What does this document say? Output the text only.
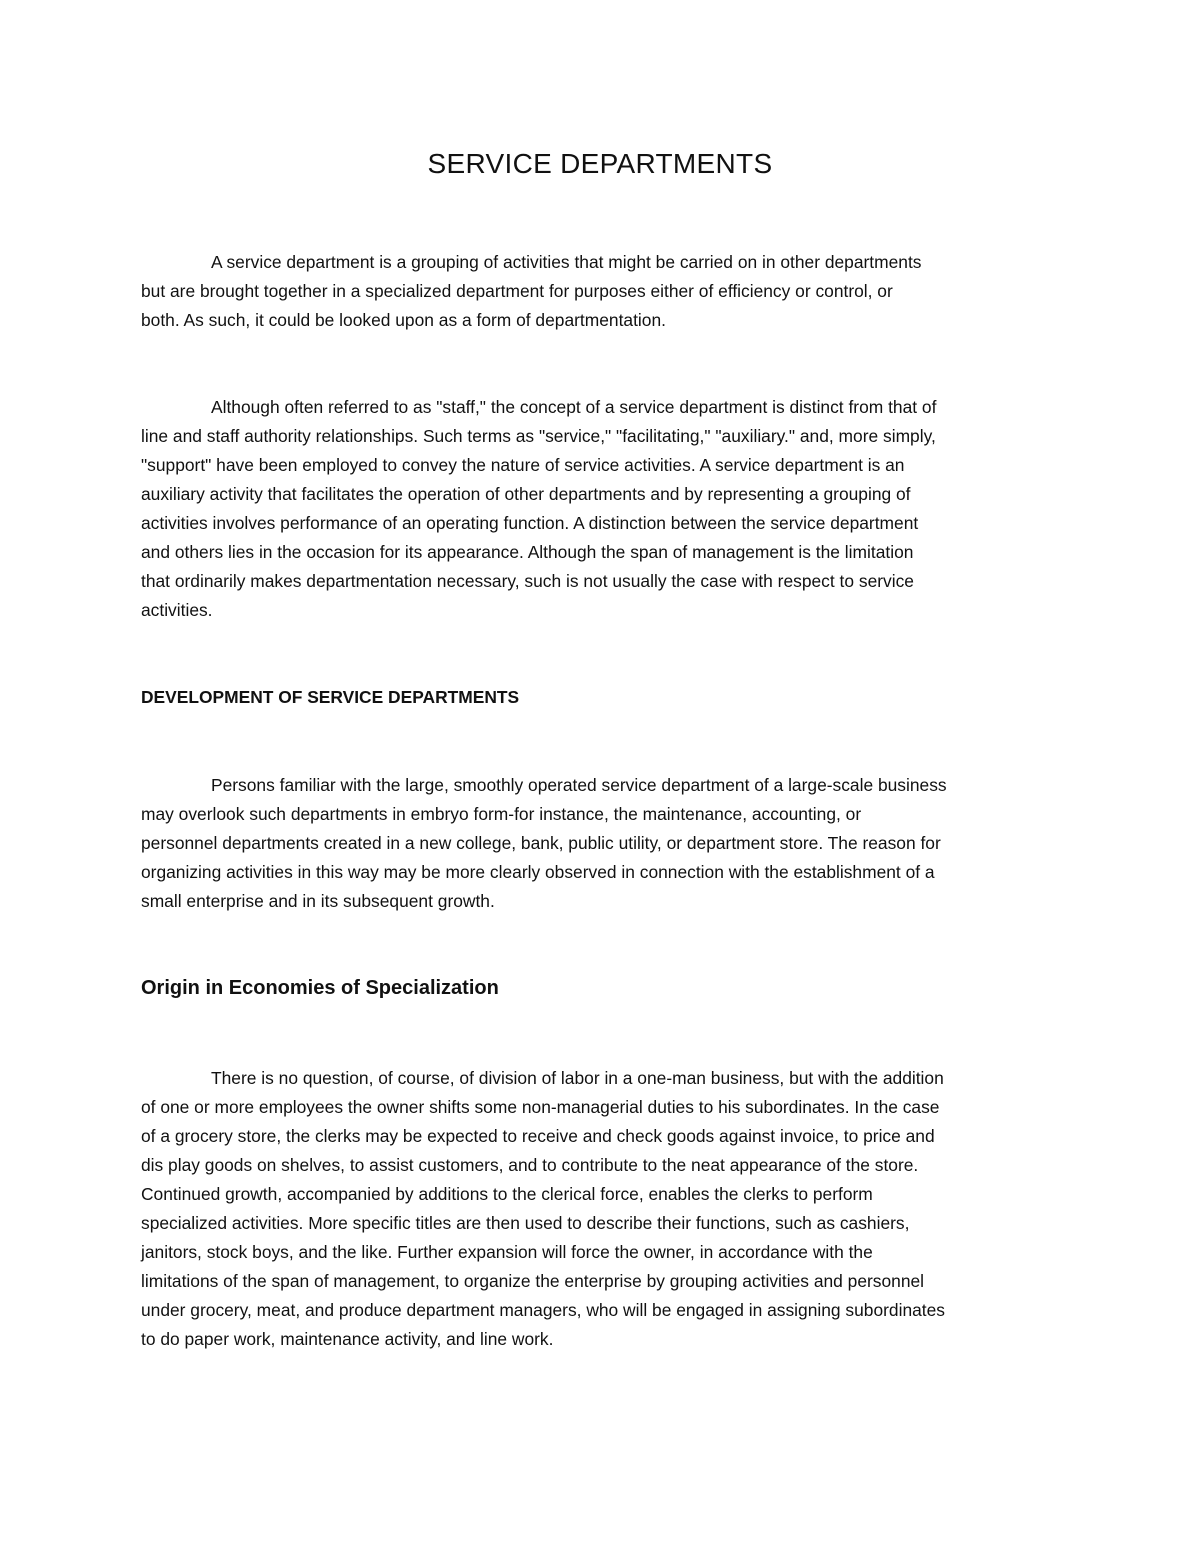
SERVICE DEPARTMENTS

A service department is a grouping of activities that might be carried on in other departments
but are brought together in a specialized department for purposes either of efficiency or control, or
both. As such, it could be looked upon as a form of departmentation.

Although often referred to as "staff," the concept of a service department is distinct from that of
line and staff authority relationships. Such terms as "service," "facilitating," "auxiliary." and, more simply,
"support" have been employed to convey the nature of service activities. A service department is an
auxiliary activity that facilitates the operation of other departments and by representing a grouping of
activities involves performance of an operating function. A distinction between the service department
and others lies in the occasion for its appearance. Although the span of management is the limitation
that ordinarily makes departmentation necessary, such is not usually the case with respect to service
activities.

DEVELOPMENT OF SERVICE DEPARTMENTS

Persons familiar with the large, smoothly operated service department of a large-scale business
may overlook such departments in embryo form-for instance, the maintenance, accounting, or
personnel departments created in a new college, bank, public utility, or department store. The reason for
organizing activities in this way may be more clearly observed in connection with the establishment of a
small enterprise and in its subsequent growth.

Origin in Economies of Specialization

There is no question, of course, of division of labor in a one-man business, but with the addition
of one or more employees the owner shifts some non-managerial duties to his subordinates. In the case
of a grocery store, the clerks may be expected to receive and check goods against invoice, to price and
dis play goods on shelves, to assist customers, and to contribute to the neat appearance of the store.
Continued growth, accompanied by additions to the clerical force, enables the clerks to perform
specialized activities. More specific titles are then used to describe their functions, such as cashiers,
janitors, stock boys, and the like. Further expansion will force the owner, in accordance with the
limitations of the span of management, to organize the enterprise by grouping activities and personnel
under grocery, meat, and produce department managers, who will be engaged in assigning subordinates
to do paper work, maintenance activity, and line work.
